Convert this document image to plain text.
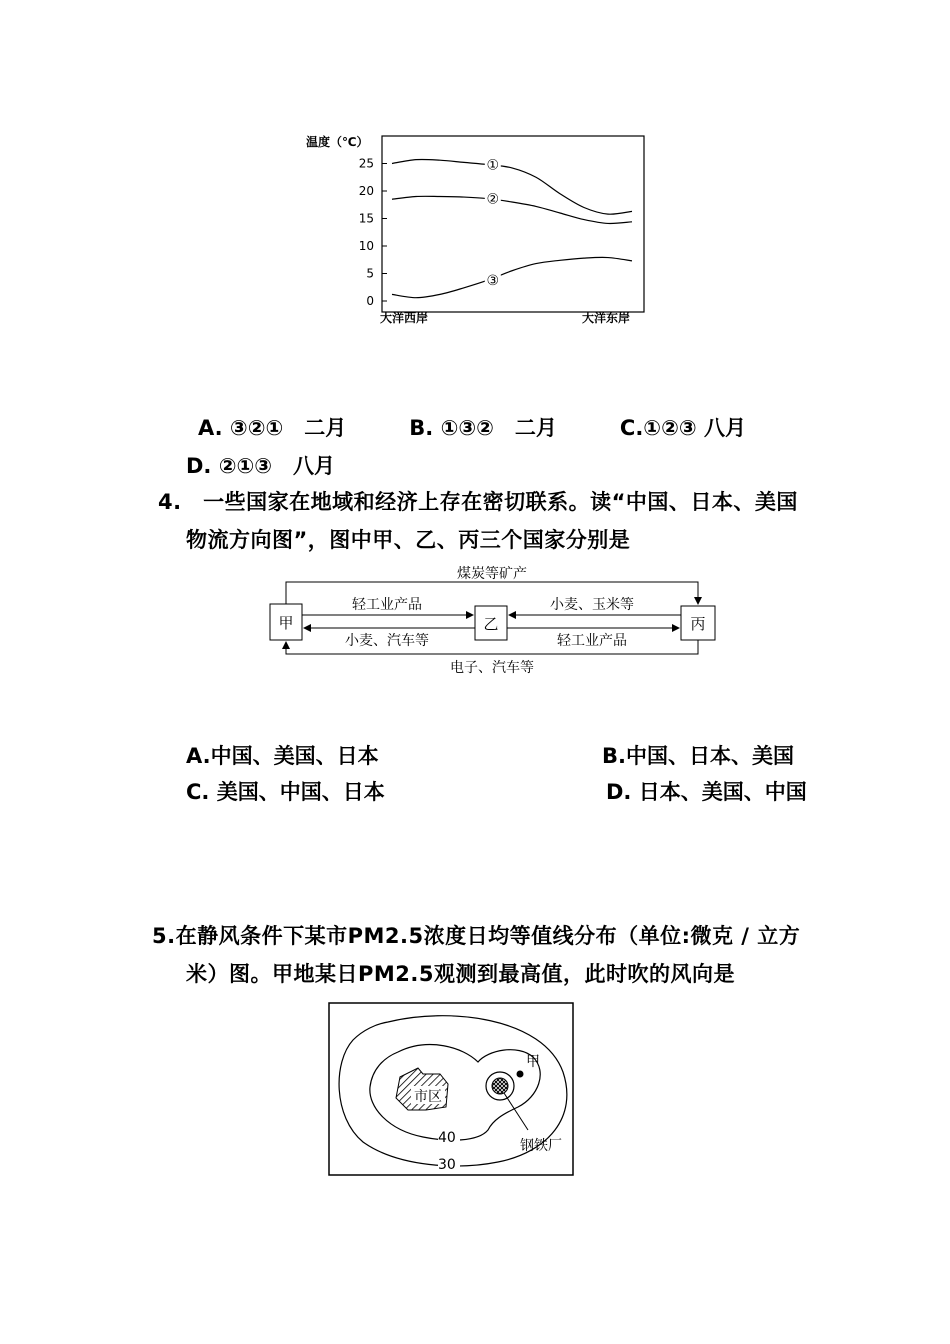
温度（℃）
25
20
15
10
5
0
①
②
③
大洋西岸	大洋东岸
A. ③②①　二月　　　B. ①③②　二月　　　C.①②③ 八月
D. ②①③　八月
4.　一些国家在地域和经济上存在密切联系。读“中国、日本、美国
物流方向图”，图中甲、乙、丙三个国家分别是
甲	乙	丙
煤炭等矿产
电子、汽车等
轻工业产品
小麦、汽车等
小麦、玉米等
轻工业产品
A.中国、美国、日本	B.中国、日本、美国
C. 美国、中国、日本	D. 日本、美国、中国
5.在静风条件下某市PM2.5浓度日均等值线分布（单位:微克 / 立方
米）图。甲地某日PM2.5观测到最高值，此时吹的风向是
市区
钢铁厂
甲
40
30
